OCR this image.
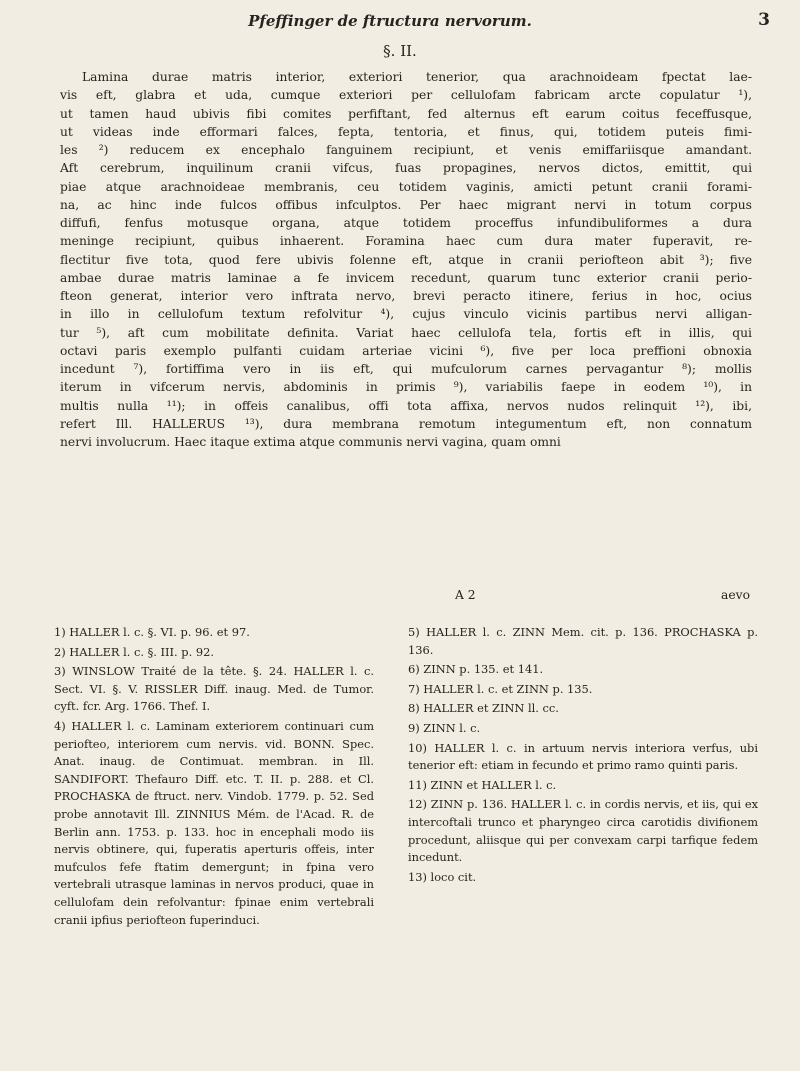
Pfeffinger de ftructura nervorum.	3
§. II.
Lamina durae matris interior, exteriori tenerior, qua arachnoideam fpectat lae-
vis eft, glabra et uda, cumque exteriori per cellulofam fabricam arcte copulatur ¹),
ut tamen haud ubivis fibi comites perfiftant, fed alternus eft earum coitus feceffusque,
ut videas inde efformari falces, fepta, tentoria, et finus, qui, totidem puteis fimi-
les ²) reducem ex encephalo fanguinem recipiunt, et venis emiffariisque amandant.
Aft cerebrum, inquilinum cranii vifcus, fuas propagines, nervos dictos, emittit, qui
piae atque arachnoideae membranis, ceu totidem vaginis, amicti petunt cranii forami-
na, ac hinc inde fulcos offibus infculptos. Per haec migrant nervi in totum corpus
diffufi, fenfus motusque organa, atque totidem proceffus infundibuliformes a dura
meninge recipiunt, quibus inhaerent. Foramina haec cum dura mater fuperavit, re-
flectitur five tota, quod fere ubivis folenne eft, atque in cranii periofteon abit ³); five
ambae durae matris laminae a fe invicem recedunt, quarum tunc exterior cranii perio-
fteon generat, interior vero inftrata nervo, brevi peracto itinere, ferius in hoc, ocius
in illo in cellulofum textum refolvitur ⁴), cujus vinculo vicinis partibus nervi alligan-
tur ⁵), aft cum mobilitate definita. Variat haec cellulofa tela, fortis eft in illis, qui
octavi paris exemplo pulfanti cuidam arteriae vicini ⁶), five per loca preffioni obnoxia
incedunt ⁷), fortiffima vero in iis eft, qui mufculorum carnes pervagantur ⁸); mollis
iterum in vifcerum nervis, abdominis in primis ⁹), variabilis faepe in eodem ¹⁰), in
multis nulla ¹¹); in offeis canalibus, offi tota affixa, nervos nudos relinquit ¹²), ibi,
refert Ill. HALLERUS ¹³), dura membrana remotum integumentum eft, non connatum
nervi involucrum. Haec itaque extima atque communis nervi vagina, quam omni
A 2	aevo

1) HALLER l. c. §. VI. p. 96. et 97.

2) HALLER l. c. §. III. p. 92.

3) WINSLOW Traité de la tête. §. 24. HALLER l. c. Sect. VI. §. V. RISSLER Diff. inaug. Med. de Tumor. cyft. fcr. Arg. 1766. Thef. I.

4) HALLER l. c. Laminam exteriorem continuari cum periofteo, interiorem cum nervis. vid. BONN. Spec. Anat. inaug. de Contimuat. membran. in Ill. SANDIFORT. Thefauro Diff. etc. T. II. p. 288. et Cl. PROCHASKA de ftruct. nerv. Vindob. 1779. p. 52. Sed probe annotavit Ill. ZINNIUS Mém. de l'Acad. R. de Berlin ann. 1753. p. 133. hoc in encephali modo iis nervis obtinere, qui, fuperatis aperturis offeis, inter mufculos fefe ftatim demergunt; in fpina vero vertebrali utrasque laminas in nervos produci, quae in cellulofam dein refolvantur: fpinae enim vertebrali cranii ipfius periofteon fuperinduci.

5) HALLER l. c. ZINN Mem. cit. p. 136. PROCHASKA p. 136.

6) ZINN p. 135. et 141.

7) HALLER l. c. et ZINN p. 135.

8) HALLER et ZINN ll. cc.

9) ZINN l. c.

10) HALLER l. c. in artuum nervis interiora verfus, ubi tenerior eft: etiam in fecundo et primo ramo quinti paris.

11) ZINN et HALLER l. c.

12) ZINN p. 136. HALLER l. c. in cordis nervis, et iis, qui ex intercoftali trunco et pharyngeo circa carotidis divifionem procedunt, aliisque qui per convexam carpi tarfique fedem incedunt.

13) loco cit.
